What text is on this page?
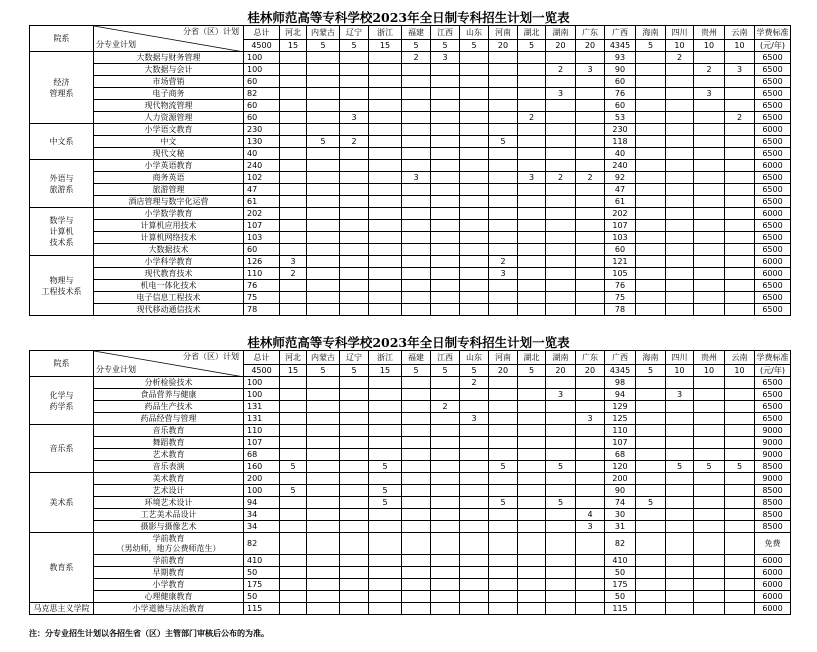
桂林师范高等专科学校2023年全日制专科招生计划一览表
院系	分省（区）计划
分专业计划	总计	河北	内蒙古	辽宁	浙江	福建	江西	山东	河南	湖北	湖南	广东	广西	海南	四川	贵州	云南	学费标准
		4500	15	5	5	15	5	5	5	20	5	20	20	4345	5	10	10	10	(元/年)
经济
管理系	大数据与财务管理	100					2	3						93		2			6500
	大数据与会计	100										2	3	90			2	3	6500
	市场营销	60												60					6500
	电子商务	82										3		76			3		6500
	现代物流管理	60												60					6500
	人力资源管理	60			3						2			53				2	6500
中文系	小学语文教育	230												230					6000
	中文	130		5	2					5				118					6500
	现代文秘	40												40					6500
外语与
旅游系	小学英语教育	240												240					6000
	商务英语	102					3				3	2	2	92					6500
	旅游管理	47												47					6500
	酒店管理与数字化运营	61												61					6500
数学与
计算机
技术系	小学数学教育	202												202					6000
	计算机应用技术	107												107					6500
	计算机网络技术	103												103					6500
	大数据技术	60												60					6500
物理与
工程技术系	小学科学教育	126	3							2				121					6000
	现代教育技术	110	2							3				105					6000
	机电一体化技术	76												76					6500
	电子信息工程技术	75												75					6500
	现代移动通信技术	78												78					6500
桂林师范高等专科学校2023年全日制专科招生计划一览表
院系	分省（区）计划
分专业计划	总计	河北	内蒙古	辽宁	浙江	福建	江西	山东	河南	湖北	湖南	广东	广西	海南	四川	贵州	云南	学费标准
		4500	15	5	5	15	5	5	5	20	5	20	20	4345	5	10	10	10	(元/年)
化学与
药学系	分析检验技术	100							2					98					6500
	食品营养与健康	100										3		94		3			6500
	药品生产技术	131						2						129					6500
	药品经营与管理	131							3				3	125					6500
音乐系	音乐教育	110												110					9000
	舞蹈教育	107												107					9000
	艺术教育	68												68					9000
	音乐表演	160	5			5				5		5		120		5	5	5	8500
美术系	美术教育	200												200					9000
	艺术设计	100	5			5								90					8500
	环境艺术设计	94				5				5		5		74	5				8500
	工艺美术品设计	34											4	30					8500
	摄影与摄像艺术	34											3	31					8500
教育系	学前教育
（男幼师，地方公费师范生）	82												82					免费
	学前教育	410												410					6000
	早期教育	50												50					6000
	小学教育	175												175					6000
	心理健康教育	50												50					6000
马克思主义学院	小学道德与法治教育	115												115					6000
注：分专业招生计划以各招生省（区）主管部门审核后公布的为准。
